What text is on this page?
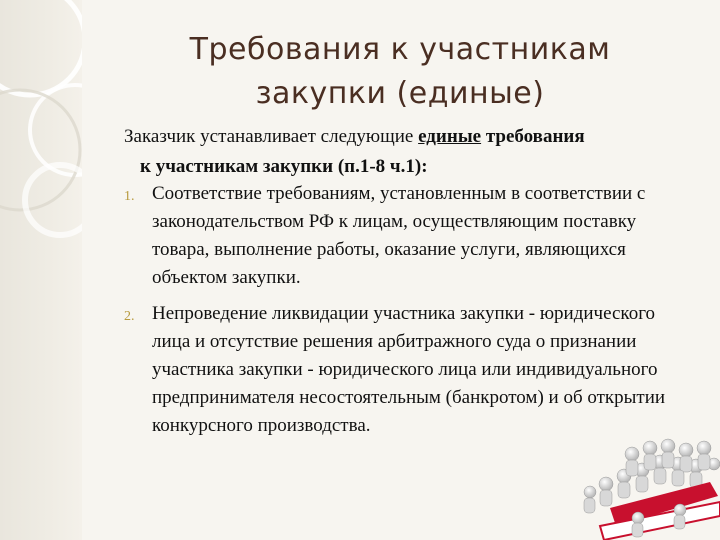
Требования к участникам
закупки (единые)
Заказчик устанавливает следующие единые требования
к участникам закупки (п.1-8 ч.1):
1. Соответствие требованиям, установленным в соответствии с законодательством РФ к лицам, осуществляющим поставку товара, выполнение работы, оказание услуги, являющихся объектом закупки.
2. Непроведение ликвидации участника закупки - юридического лица и отсутствие решения арбитражного суда о признании участника закупки - юридического лица или индивидуального предпринимателя несостоятельным (банкротом) и об открытии конкурсного производства.
